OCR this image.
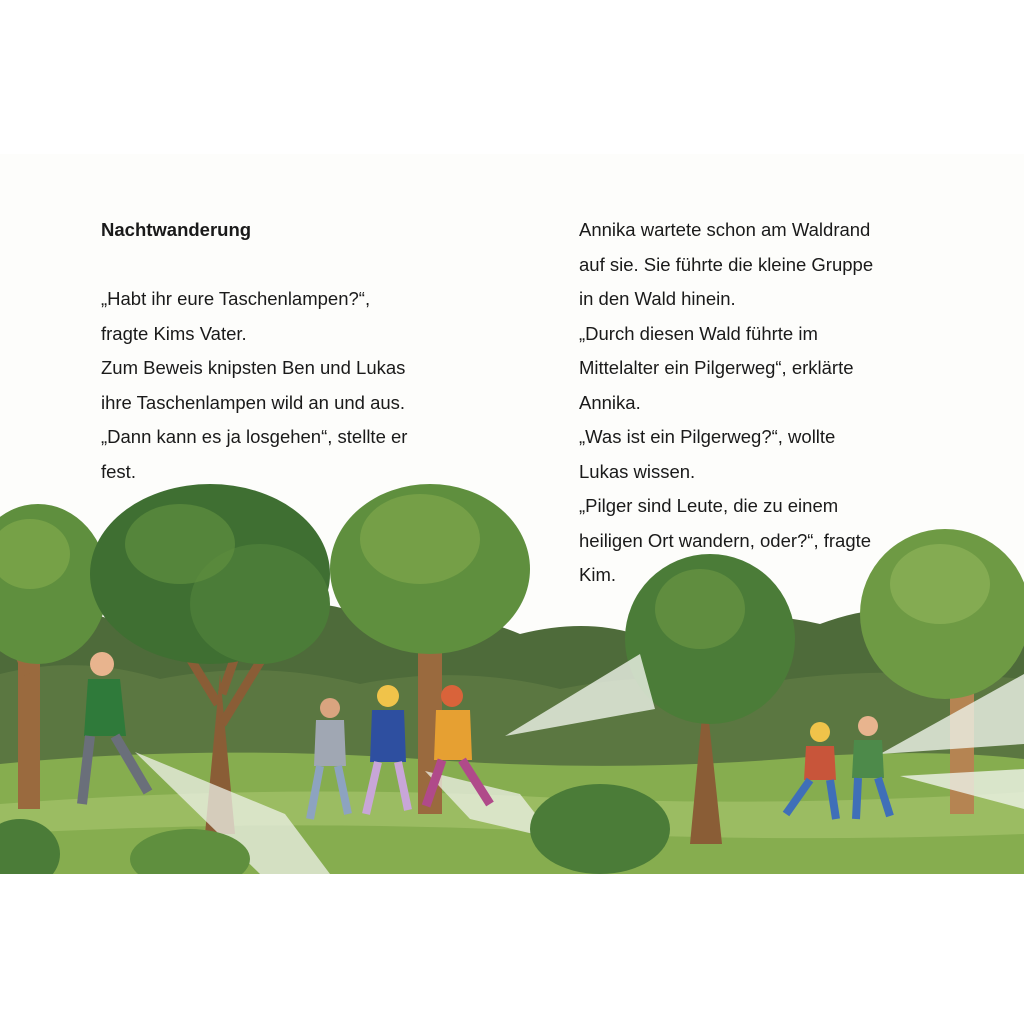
Nachtwanderung

„Habt ihr eure Taschenlampen?“,
fragte Kims Vater.
Zum Beweis knipsten Ben und Lukas
ihre Taschenlampen wild an und aus.
„Dann kann es ja losgehen“, stellte er
fest.
Annika wartete schon am Waldrand
auf sie. Sie führte die kleine Gruppe
in den Wald hinein.
„Durch diesen Wald führte im
Mittelalter ein Pilgerweg“, erklärte
Annika.
„Was ist ein Pilgerweg?“, wollte
Lukas wissen.
„Pilger sind Leute, die zu einem
heiligen Ort wandern, oder?“, fragte
Kim.
